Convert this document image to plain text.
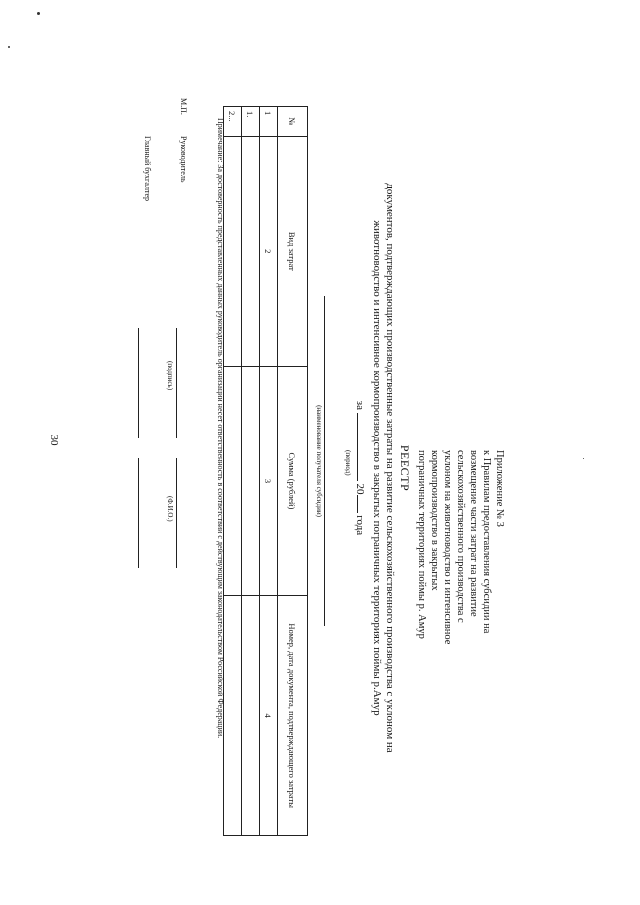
30
Приложение № 3
к Правилам предоставления субсидии на
возмещение части затрат на развитие
сельскохозяйственного производства с
уклоном на животноводство и интенсивное
кормопроизводство в закрытых
пограничных территориях поймы р. Амур
РЕЕСТР
документов, подтверждающих производственные затраты на развитие сельскохозяйственного производства с уклоном на
животноводство и интенсивное кормопроизводство в закрытых пограничных территориях поймы р.Амур
за  20 года
(период)
(наименование получателя субсидии)
№	Вид затрат	Сумма (рублей)	Номер, дата документа, подтверждающего затраты
1	2	3	4
1.			
2...			
Примечание: За достоверность представленных данных руководитель организации несет ответственность в соответствии с действующим законодательством Российской Федерации.
М.П.
Руководитель
(подпись)
(Ф.И.О.)
Главный бухгалтер
